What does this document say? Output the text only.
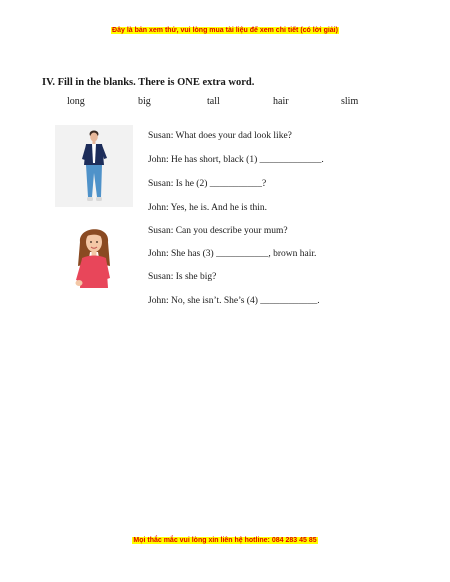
Đây là bản xem thử, vui lòng mua tài liệu để xem chi tiết (có lời giải)
IV. Fill in the blanks. There is ONE extra word.
long	big	tall	hair	slim
Susan: What does your dad look like?
John: He has short, black (1) _____________.
Susan: Is he (2) ___________?
John: Yes, he is. And he is thin.
Susan: Can you describe your mum?
John: She has (3) ___________, brown hair.
Susan: Is she big?
John: No, she isn’t. She’s (4) ____________.
Mọi thắc mắc vui lòng xin liên hệ hotline: 084 283 45 85
